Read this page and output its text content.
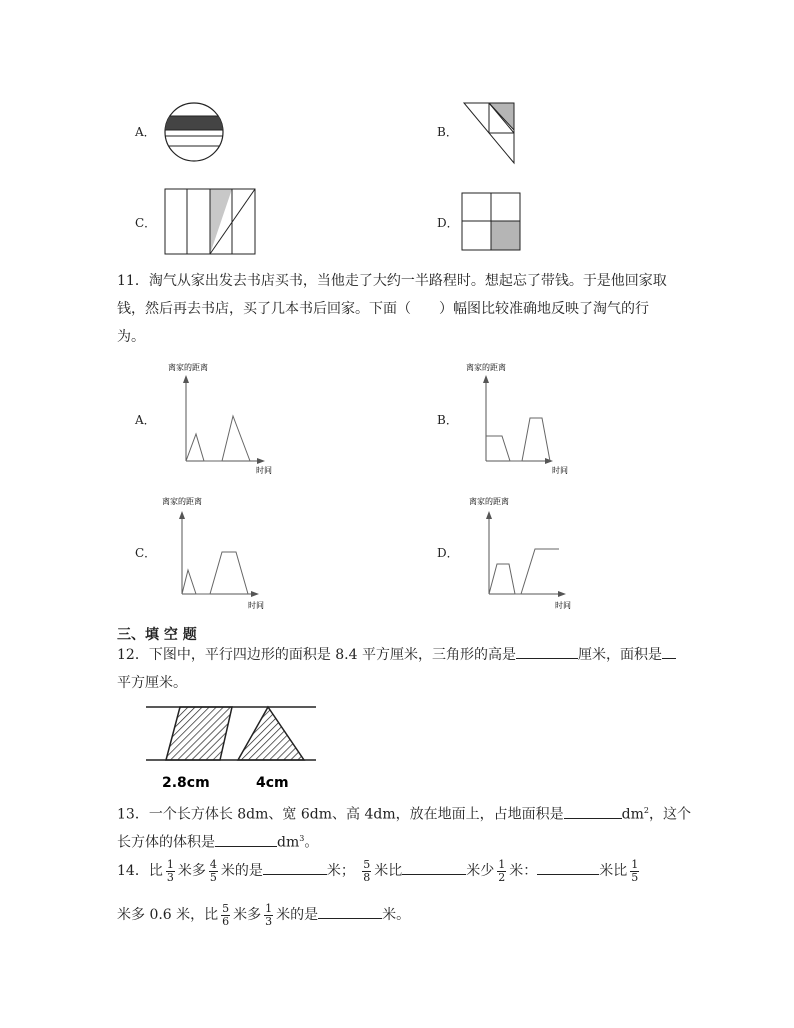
A．	B．
C．	D．
11．淘气从家出发去书店买书，当他走了大约一半路程时。想起忘了带钱。于是他回家取
钱，然后再去书店，买了几本书后回家。下面（　　）幅图比较准确地反映了淘气的行
为。
A．
离家的距离
时间
B．
离家的距离
时间
C．
离家的距离
时间
D．
离家的距离
时间
三、填 空 题
12．下图中，平行四边形的面积是 8.4 平方厘米，三角形的高是	厘米，面积是
平方厘米。
2.8cm	4cm
13．一个长方体长 8dm、宽 6dm、高 4dm，放在地面上，占地面积是	$dm^2$，这个
长方体的体积是	$dm^3$。
14．比 $\frac{1}{3}$ 米多 $\frac{4}{5}$ 米的是	米； $\frac{5}{8}$ 米比	米少 $\frac{1}{2}$ 米：	米比 $\frac{1}{5}$
米多 0.6 米，比 $\frac{5}{6}$ 米多 $\frac{1}{3}$ 米的是	米。
